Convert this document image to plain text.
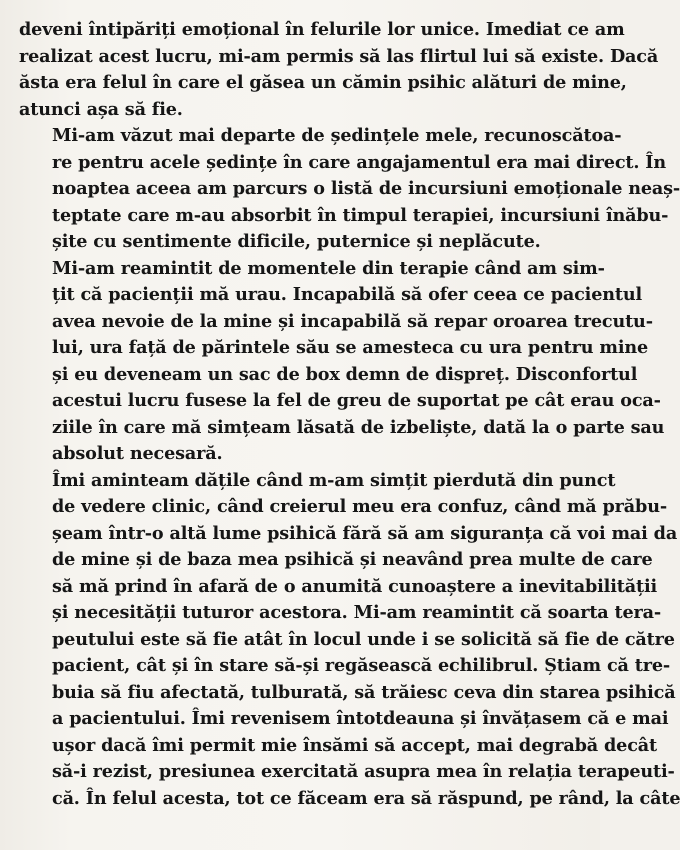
deveni întipăriți emoțional în felurile lor unice. Imediat ce am
realizat acest lucru, mi-am permis să las flirtul lui să existe. Dacă
ăsta era felul în care el găsea un cămin psihic alături de mine,
atunci așa să fie.
Mi-am văzut mai departe de ședințele mele, recunoscătoa-
re pentru acele ședințe în care angajamentul era mai direct. În
noaptea aceea am parcurs o listă de incursiuni emoționale neaș-
teptate care m-au absorbit în timpul terapiei, incursiuni înăbu-
șite cu sentimente dificile, puternice și neplăcute.
Mi-am reamintit de momentele din terapie când am sim-
țit că pacienții mă urau. Incapabilă să ofer ceea ce pacientul
avea nevoie de la mine și incapabilă să repar oroarea trecutu-
lui, ura față de părintele său se amesteca cu ura pentru mine
și eu deveneam un sac de box demn de dispreț. Disconfortul
acestui lucru fusese la fel de greu de suportat pe cât erau oca-
ziile în care mă simțeam lăsată de izbeliște, dată la o parte sau
absolut necesară.
Îmi aminteam dățile când m-am simțit pierdută din punct
de vedere clinic, când creierul meu era confuz, când mă prăbu-
șeam într-o altă lume psihică fără să am siguranța că voi mai da
de mine și de baza mea psihică și neavând prea multe de care
să mă prind în afară de o anumită cunoaștere a inevitabilității
și necesității tuturor acestora. Mi-am reamintit că soarta tera-
peutului este să fie atât în locul unde i se solicită să fie de către
pacient, cât și în stare să-și regăsească echilibrul. Știam că tre-
buia să fiu afectată, tulburată, să trăiesc ceva din starea psihică
a pacientului. Îmi revenisem întotdeauna și învățasem că e mai
ușor dacă îmi permit mie însămi să accept, mai degrabă decât
să-i rezist, presiunea exercitată asupra mea în relația terapeuti-
că. În felul acesta, tot ce făceam era să răspund, pe rând, la câte
